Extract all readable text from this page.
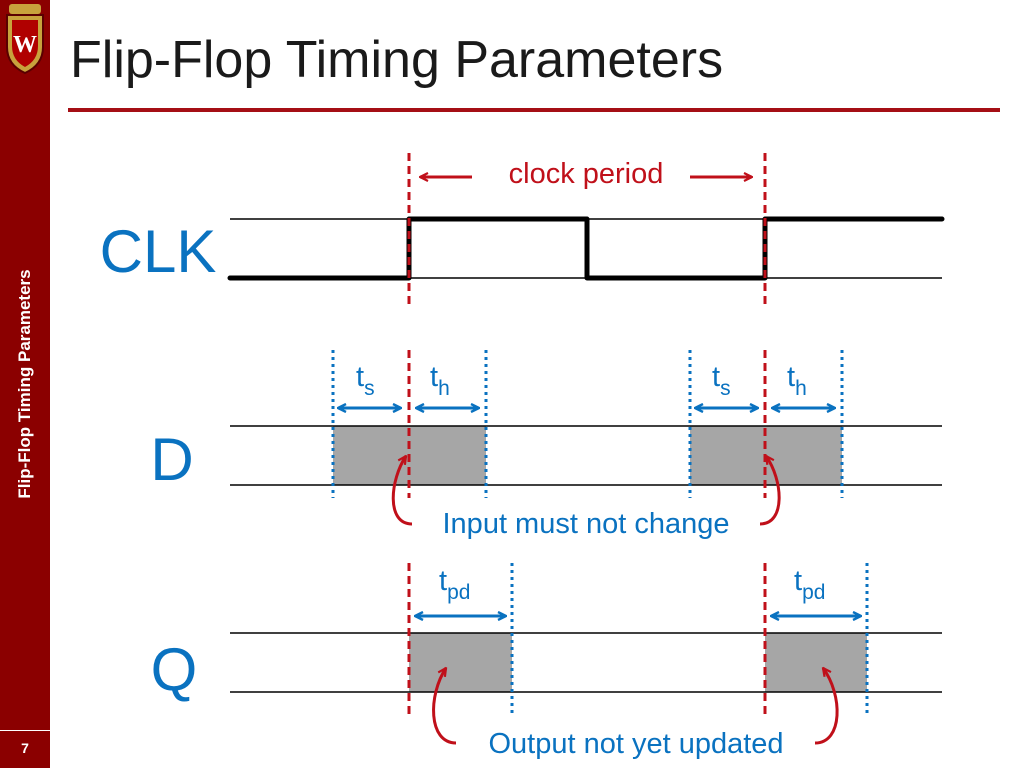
W
Flip-Flop Timing Parameters
7
Flip-Flop Timing Parameters
clock period
CLK
D
Q
$t_s$ $t_h$	$t_s$ $t_h$
$t_{pd}$	$t_{pd}$
Input must not change
Output not yet updated
